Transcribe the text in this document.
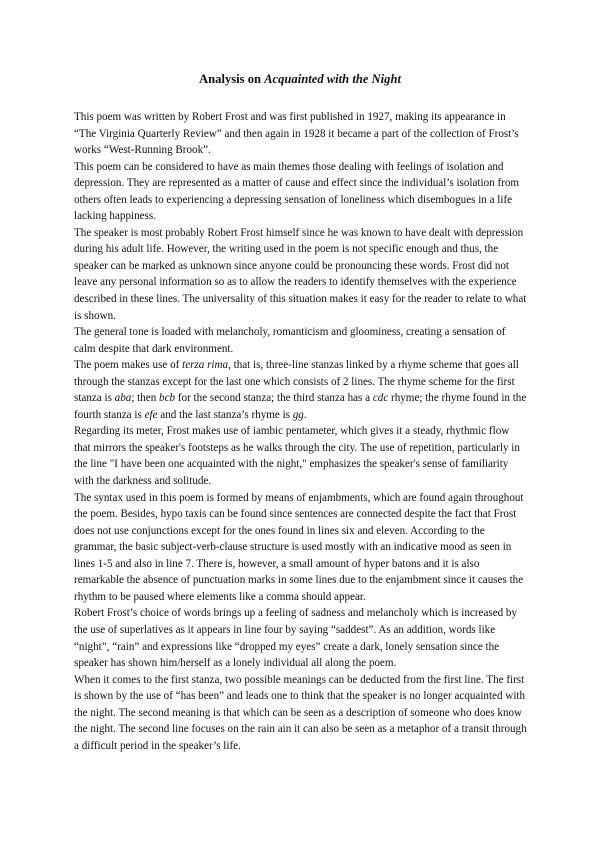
Analysis on Acquainted with the Night

This poem was written by Robert Frost and was first published in 1927, making its appearance in “The Virginia Quarterly Review” and then again in 1928 it became a part of the collection of Frost’s works “West-Running Brook”.

This poem can be considered to have as main themes those dealing with feelings of isolation and depression. They are represented as a matter of cause and effect since the individual’s isolation from others often leads to experiencing a depressing sensation of loneliness which disembogues in a life lacking happiness.

The speaker is most probably Robert Frost himself since he was known to have dealt with depression during his adult life. However, the writing used in the poem is not specific enough and thus, the speaker can be marked as unknown since anyone could be pronouncing these words. Frost did not leave any personal information so as to allow the readers to identify themselves with the experience described in these lines. The universality of this situation makes it easy for the reader to relate to what is shown.

The general tone is loaded with melancholy, romanticism and gloominess, creating a sensation of calm despite that dark environment.

The poem makes use of terza rima, that is, three-line stanzas linked by a rhyme scheme that goes all through the stanzas except for the last one which consists of 2 lines. The rhyme scheme for the first stanza is aba; then bcb for the second stanza; the third stanza has a cdc rhyme; the rhyme found in the fourth stanza is efe and the last stanza’s rhyme is gg.

Regarding its meter, Frost makes use of iambic pentameter, which gives it a steady, rhythmic flow that mirrors the speaker's footsteps as he walks through the city. The use of repetition, particularly in the line "I have been one acquainted with the night," emphasizes the speaker's sense of familiarity with the darkness and solitude.

The syntax used in this poem is formed by means of enjambments, which are found again throughout the poem. Besides, hypo taxis can be found since sentences are connected despite the fact that Frost does not use conjunctions except for the ones found in lines six and eleven. According to the grammar, the basic subject-verb-clause structure is used mostly with an indicative mood as seen in lines 1-5 and also in line 7. There is, however, a small amount of hyper batons and it is also remarkable the absence of punctuation marks in some lines due to the enjambment since it causes the rhythm to be paused where elements like a comma should appear.

Robert Frost’s choice of words brings up a feeling of sadness and melancholy which is increased by the use of superlatives as it appears in line four by saying “saddest”. As an addition, words like “night”, “rain” and expressions like “dropped my eyes” create a dark, lonely sensation since the speaker has shown him/herself as a lonely individual all along the poem.

When it comes to the first stanza, two possible meanings can be deducted from the first line. The first is shown by the use of “has been” and leads one to think that the speaker is no longer acquainted with the night. The second meaning is that which can be seen as a description of someone who does know the night. The second line focuses on the rain ain it can also be seen as a metaphor of a transit through a difficult period in the speaker’s life.
